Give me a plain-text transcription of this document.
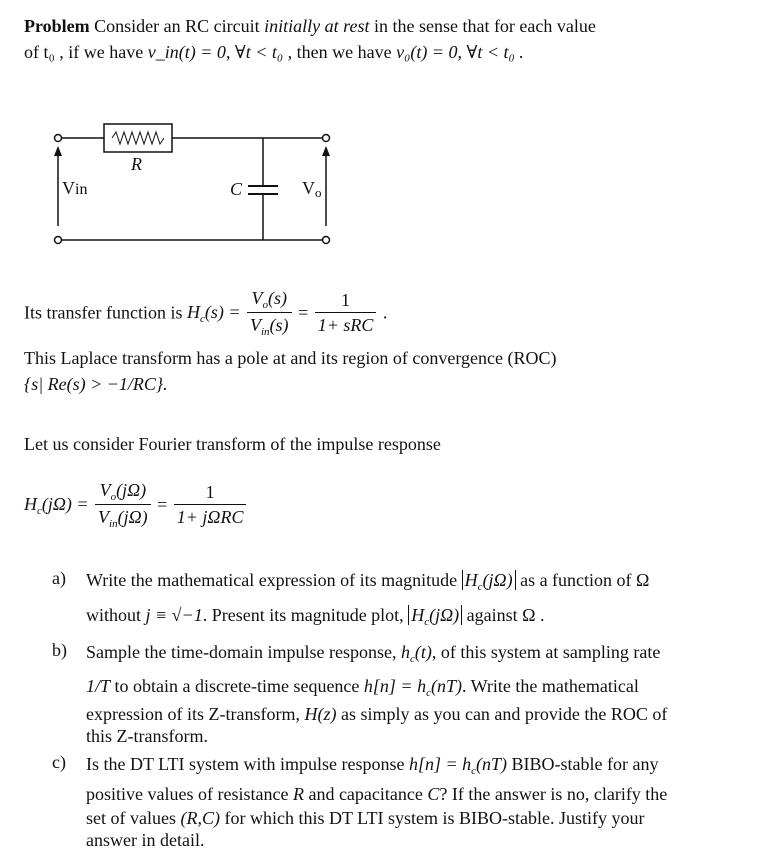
Problem Consider an RC circuit initially at rest in the sense that for each value
of t₀ , if we have v_in(t) = 0, ∀t < t₀ , then we have v₀(t) = 0, ∀t < t₀ .
R
C
Vin	Vo
Its transfer function is $H_c(s) = \frac{V_o(s)}{V_{in}(s)} = \frac{1}{\text{1+ sRC}}$ .
This Laplace transform has a pole at and its region of convergence (ROC)
{s| Re(s) > −1/RC}.
Let us consider Fourier transform of the impulse response
$H_c(j\Omega) = \frac{V_o(j\Omega)}{V_{in}(j\Omega)} = \frac{1}{\text{1+ jΩRC}}$
a) Write the mathematical expression of its magnitude $H_c(j\Omega)$ as a function of Ω
without j ≡ √−1. Present its magnitude plot, $H_c(j\Omega)$ against Ω .
b) Sample the time-domain impulse response, $h_c(t)$, of this system at sampling rate
1/T to obtain a discrete-time sequence $h[n] = h_c(nT)$. Write the mathematical
expression of its Z-transform, H(z) as simply as you can and provide the ROC of
this Z-transform.
c) Is the DT LTI system with impulse response $h[n] = h_c(nT)$ BIBO-stable for any
positive values of resistance R and capacitance C? If the answer is no, clarify the
set of values (R,C) for which this DT LTI system is BIBO-stable. Justify your
answer in detail.
